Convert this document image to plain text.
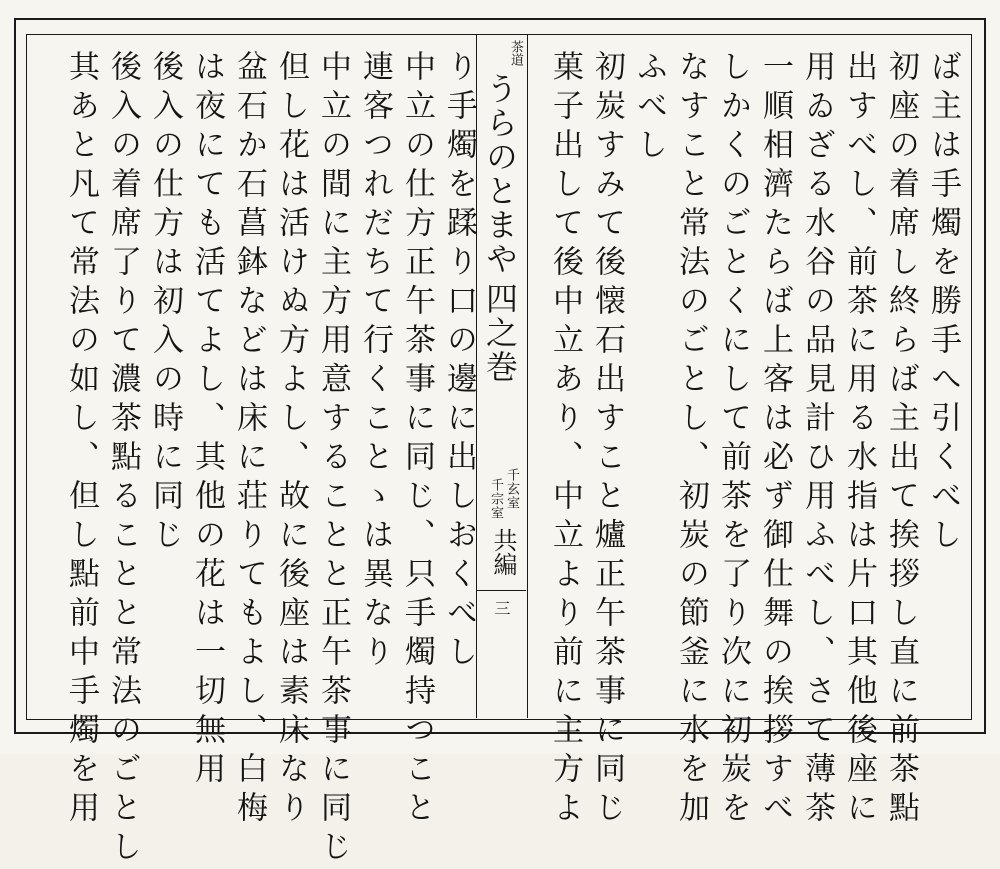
茶道
うらのとまや
四之巻
千玄室
千宗室
共編
三
ば主は手燭を勝手へ引くべし
初座の着席し終らば主出て挨拶し直に前茶點
出すべし、前茶に用る水指は片口其他後座に
用ゐざる水谷の品見計ひ用ふべし、さて薄茶
一順相濟たらば上客は必ず御仕舞の挨拶すべ
しかくのごとくにして前茶を了り次に初炭を
なすこと常法のごとし、初炭の節釜に水を加
ふべし
初炭すみて後懐石出すこと爐正午茶事に同じ
菓子出して後中立あり、中立より前に主方よ
り手燭を蹂り口の邊に出しおくべし
中立の仕方正午茶事に同じ、只手燭持つこと
連客つれだちて行くことゝは異なり
中立の間に主方用意することと正午茶事に同じ
但し花は活けぬ方よし、故に後座は素床なり
盆石か石菖鉢などは床に荘りてもよし、白梅
は夜にても活てよし、其他の花は一切無用
後入の仕方は初入の時に同じ
後入の着席了りて濃茶點ることと常法のごとし
其あと凡て常法の如し、但し點前中手燭を用
